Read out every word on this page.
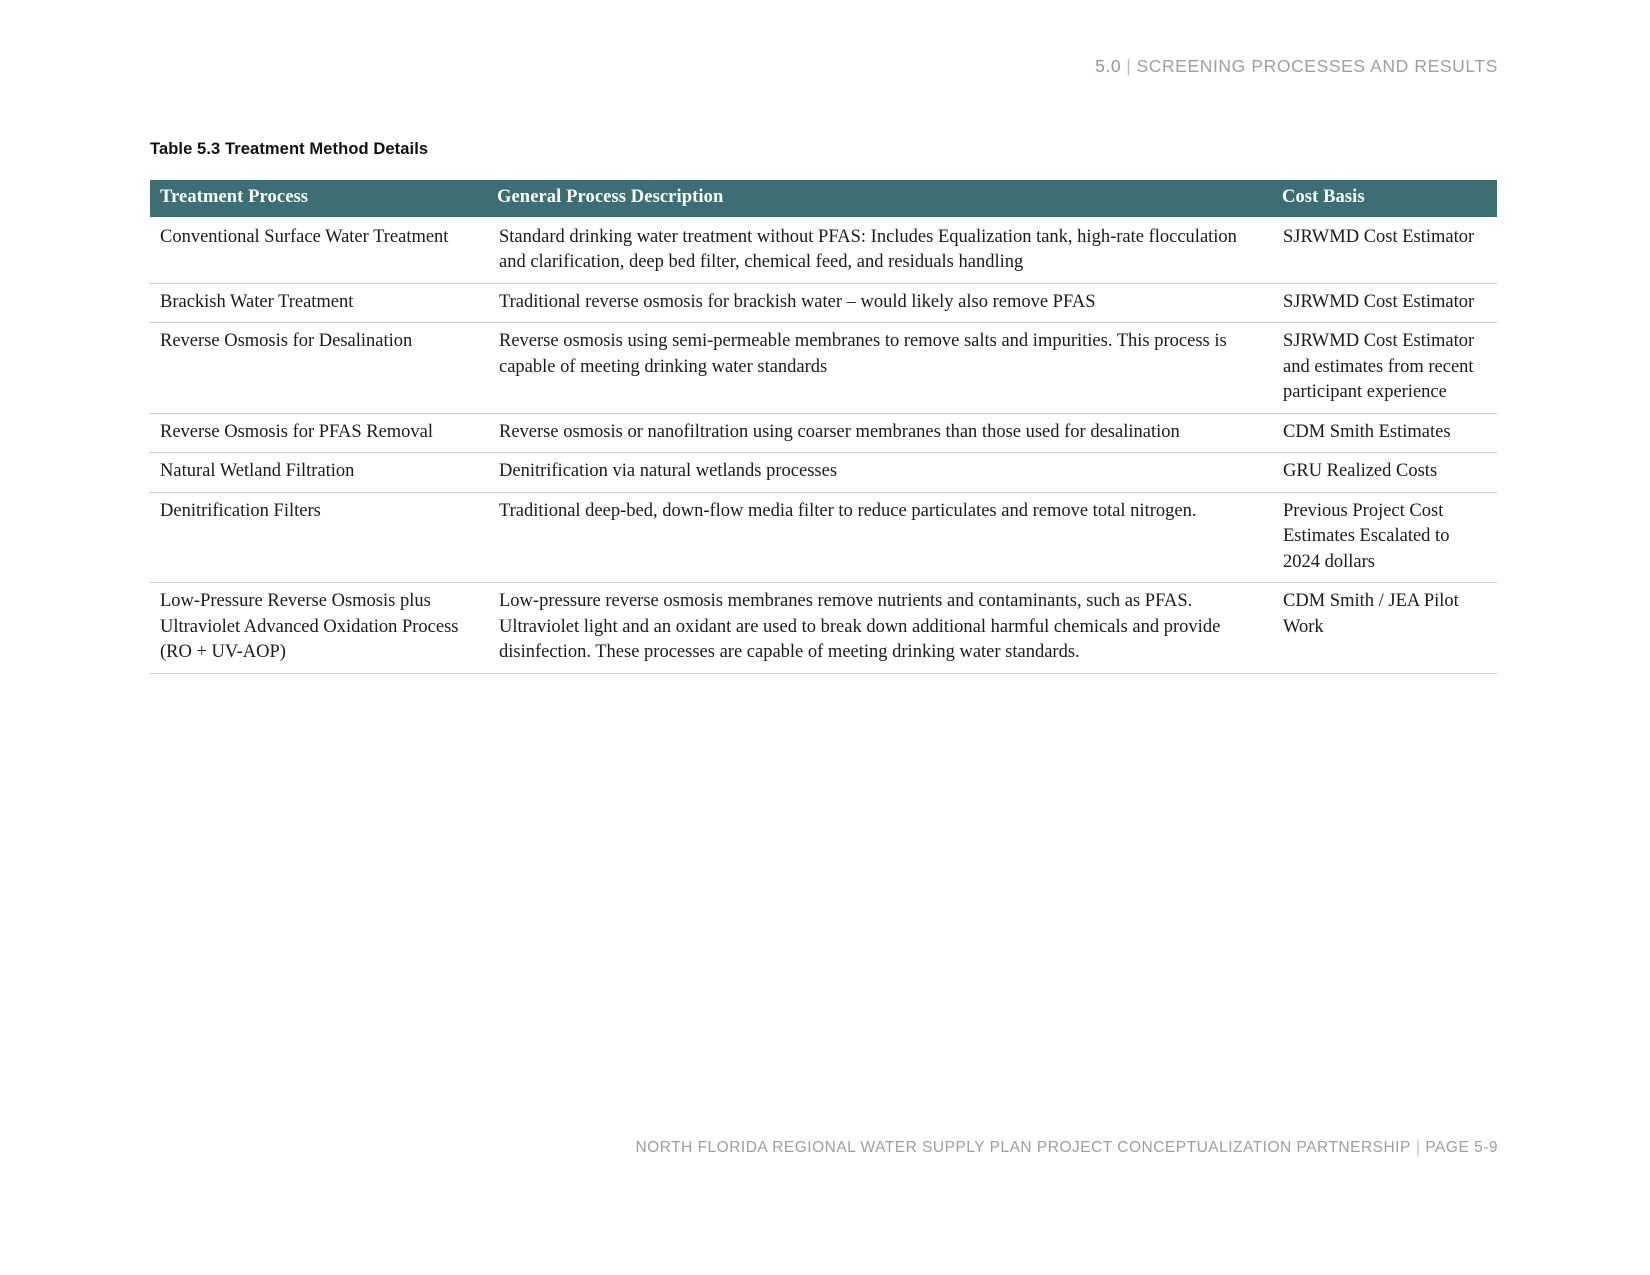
5.0 | SCREENING PROCESSES AND RESULTS
Table 5.3 Treatment Method Details
Treatment Process	General Process Description	Cost Basis
Conventional Surface Water Treatment	Standard drinking water treatment without PFAS: Includes Equalization tank, high-rate flocculation and clarification, deep bed filter, chemical feed, and residuals handling	SJRWMD Cost Estimator
Brackish Water Treatment	Traditional reverse osmosis for brackish water – would likely also remove PFAS	SJRWMD Cost Estimator
Reverse Osmosis for Desalination	Reverse osmosis using semi-permeable membranes to remove salts and impurities. This process is capable of meeting drinking water standards	SJRWMD Cost Estimator and estimates from recent participant experience
Reverse Osmosis for PFAS Removal	Reverse osmosis or nanofiltration using coarser membranes than those used for desalination	CDM Smith Estimates
Natural Wetland Filtration	Denitrification via natural wetlands processes	GRU Realized Costs
Denitrification Filters	Traditional deep-bed, down-flow media filter to reduce particulates and remove total nitrogen.	Previous Project Cost Estimates Escalated to 2024 dollars
Low-Pressure Reverse Osmosis plus Ultraviolet Advanced Oxidation Process (RO + UV-AOP)	Low-pressure reverse osmosis membranes remove nutrients and contaminants, such as PFAS. Ultraviolet light and an oxidant are used to break down additional harmful chemicals and provide disinfection. These processes are capable of meeting drinking water standards.	CDM Smith / JEA Pilot Work
NORTH FLORIDA REGIONAL WATER SUPPLY PLAN PROJECT CONCEPTUALIZATION PARTNERSHIP | PAGE 5-9
